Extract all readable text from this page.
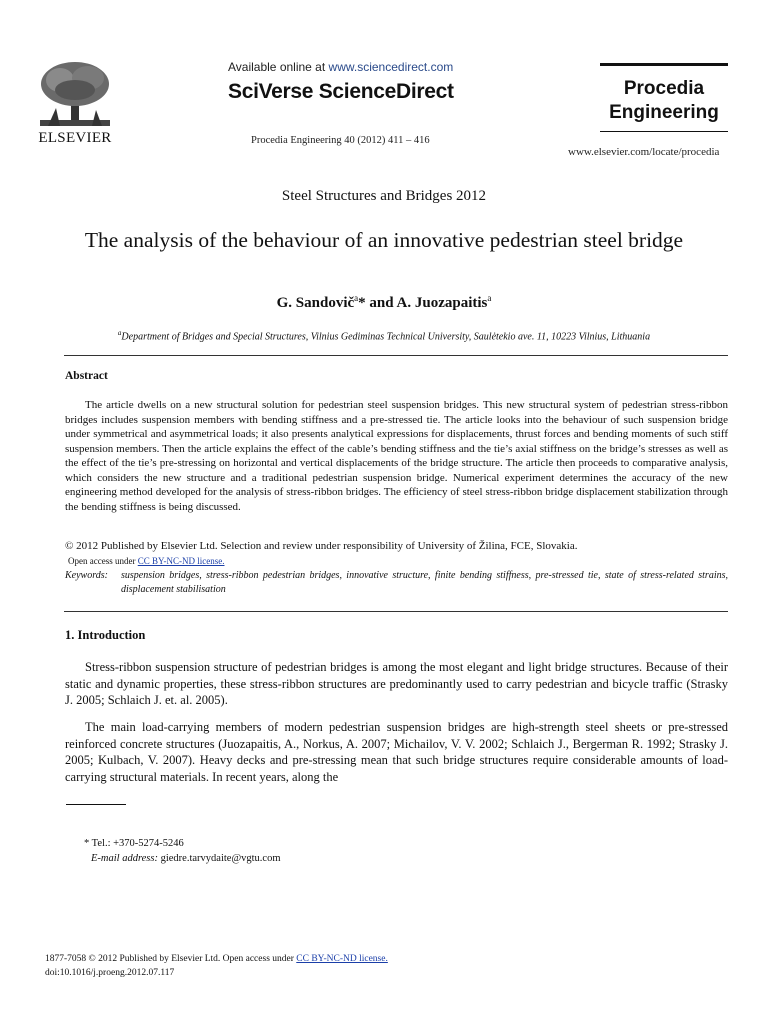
ELSEVIER
Available online at www.sciencedirect.com
SciVerse ScienceDirect
Procedia Engineering 40 (2012) 411 – 416
Procedia
Engineering
www.elsevier.com/locate/procedia
Steel Structures and Bridges 2012
The analysis of the behaviour of an innovative pedestrian steel bridge
G. Sandovič$^a$* and A. Juozapaitis$^a$
$^a$Department of Bridges and Special Structures, Vilnius Gediminas Technical University, Saulėtekio ave. 11, 10223 Vilnius, Lithuania
Abstract
The article dwells on a new structural solution for pedestrian steel suspension bridges. This new structural system of pedestrian stress-ribbon bridges includes suspension members with bending stiffness and a pre-stressed tie. The article looks into the behaviour of such suspension bridge under symmetrical and asymmetrical loads; it also presents analytical expressions for displacements, thrust forces and bending moments of such stiff suspension members. Then the article explains the effect of the cable’s bending stiffness and the tie’s axial stiffness on the bridge’s stresses as well as the effect of the tie’s pre-stressing on horizontal and vertical displacements of the bridge structure. The article then proceeds to comparative analysis, which considers the new structure and a traditional pedestrian suspension bridge. Numerical experiment determines the accuracy of the new engineering method developed for the analysis of stress-ribbon bridges. The efficiency of steel stress-ribbon bridge displacement stabilization through the bending stiffness is being discussed.
© 2012 Published by Elsevier Ltd. Selection and review under responsibility of University of Žilina, FCE, Slovakia.
Open access under CC BY-NC-ND license.
Keywords:	suspension bridges, stress-ribbon pedestrian bridges, innovative structure, finite bending stiffness, pre-stressed tie, state of stress-related strains, displacement stabilisation
1. Introduction
Stress-ribbon suspension structure of pedestrian bridges is among the most elegant and light bridge structures. Because of their static and dynamic properties, these stress-ribbon structures are predominantly used to carry pedestrian and bicycle traffic (Strasky J. 2005; Schlaich J. et. al. 2005).
The main load-carrying members of modern pedestrian suspension bridges are high-strength steel sheets or pre-stressed reinforced concrete structures (Juozapaitis, A., Norkus, A. 2007; Michailov, V. V. 2002; Schlaich J., Bergerman R. 1992; Strasky J. 2005; Kulbach, V. 2007). Heavy decks and pre-stressing mean that such bridge structures require considerable amounts of load-carrying structural materials. In recent years, along the
* Tel.: +370-5274-5246
E-mail address: giedre.tarvydaite@vgtu.com
1877-7058 © 2012 Published by Elsevier Ltd. Open access under CC BY-NC-ND license.
doi:10.1016/j.proeng.2012.07.117
